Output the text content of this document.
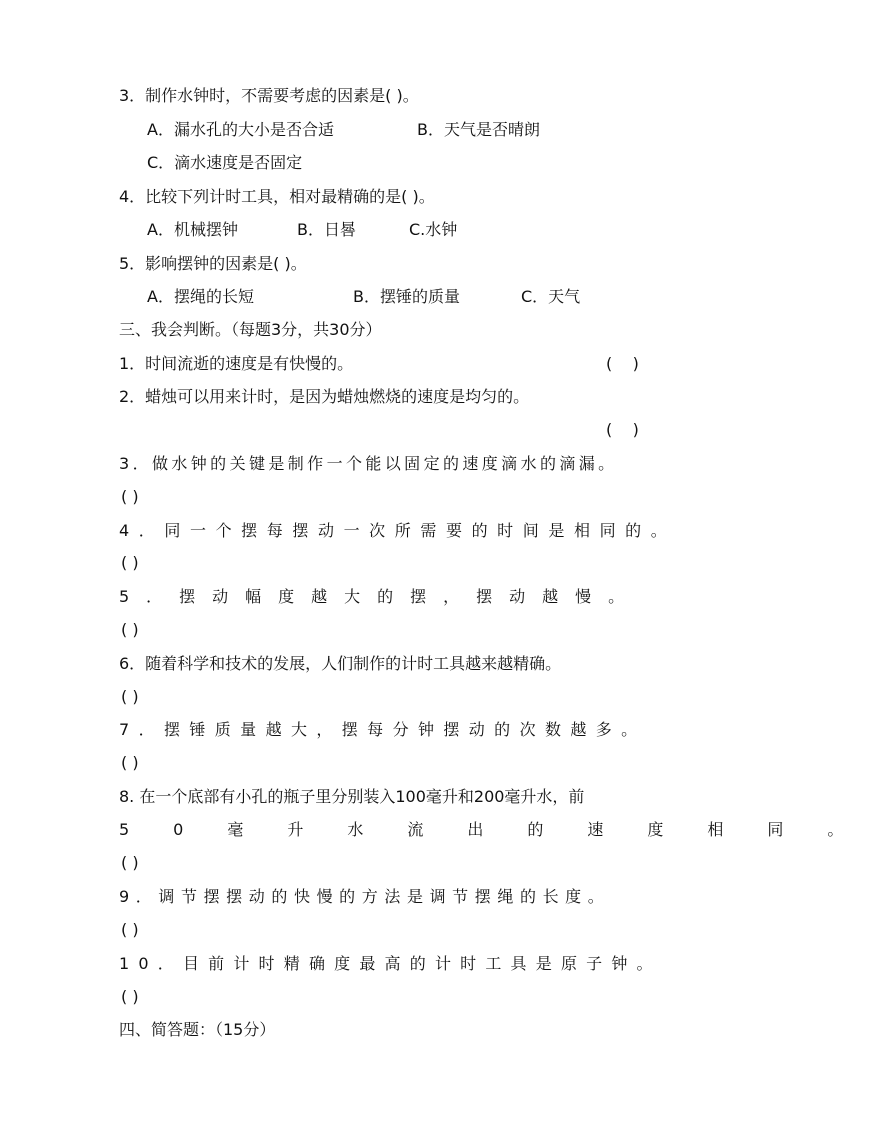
3．制作水钟时，不需要考虑的因素是( )。
A．漏水孔的大小是否合适	B．天气是否晴朗
C．滴水速度是否固定
4．比较下列计时工具，相对最精确的是( )。
A．机械摆钟	B．日晷	C.水钟
5．影响摆钟的因素是( )。
A．摆绳的长短	B．摆锤的质量	C．天气
三、我会判断。（每题3分，共30分）
1．时间流逝的速度是有快慢的。	(    )
2．蜡烛可以用来计时，是因为蜡烛燃烧的速度是均匀的。
(    )
3．做水钟的关键是制作一个能以固定的速度滴水的滴漏。
( )
4．同一个摆每摆动一次所需要的时间是相同的。
( )
5．摆动幅度越大的摆，摆动越慢。
( )
6．随着科学和技术的发展，人们制作的计时工具越来越精确。
( )
7．摆锤质量越大，摆每分钟摆动的次数越多。
( )
8. 在一个底部有小孔的瓶子里分别装入100毫升和200毫升水，前
50毫升水流出的速度相同。
( )
9．调节摆摆动的快慢的方法是调节摆绳的长度。
( )
10．目前计时精确度最高的计时工具是原子钟。
( )
四、简答题：（15分）
